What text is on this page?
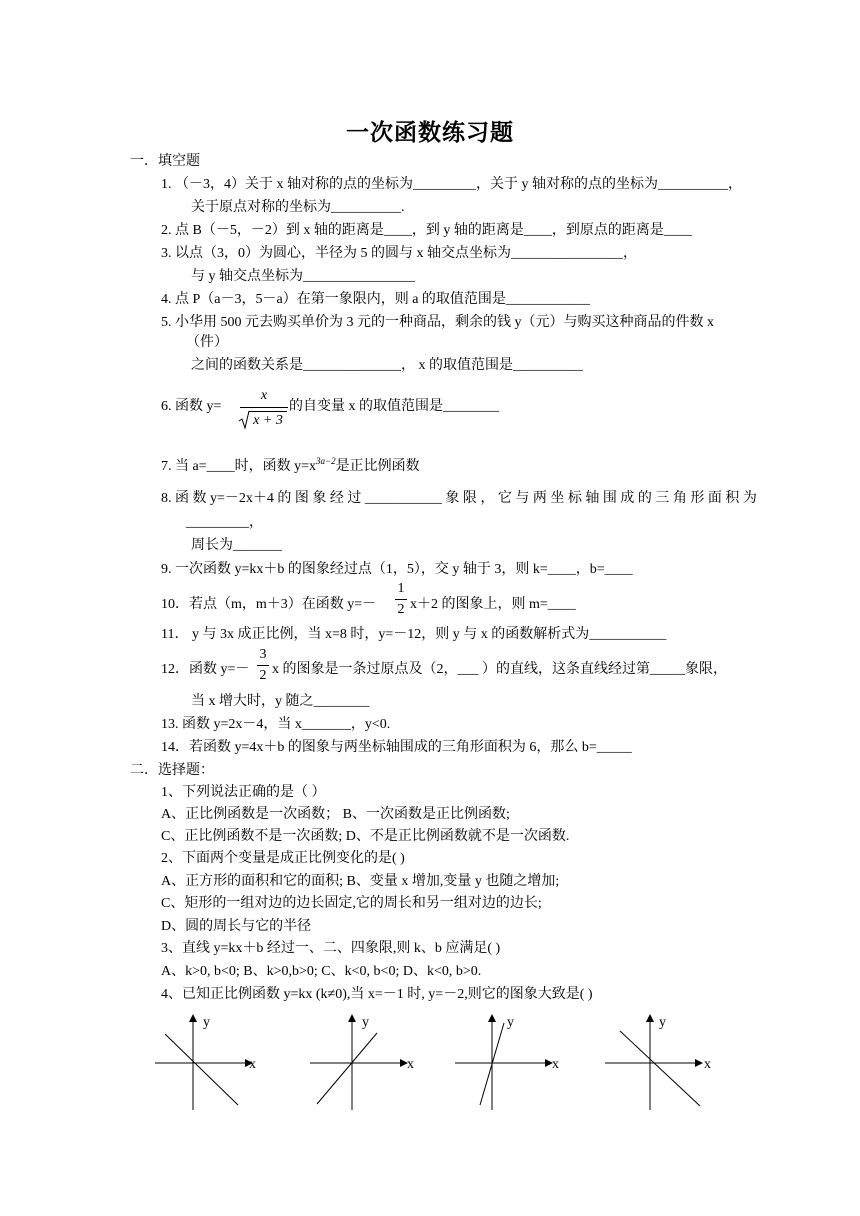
一次函数练习题
一．填空题
1. （－3，4）关于 x 轴对称的点的坐标为_________，关于 y 轴对称的点的坐标为__________，
关于原点对称的坐标为__________.
2. 点 B（－5，－2）到 x 轴的距离是____，到 y 轴的距离是____，到原点的距离是____
3. 以点（3，0）为圆心，半径为 5 的圆与 x 轴交点坐标为________________，
与 y 轴交点坐标为________________
4. 点 P（a－3，5－a）在第一象限内，则 a 的取值范围是____________
5. 小华用 500 元去购买单价为 3 元的一种商品，剩余的钱 y（元）与购买这种商品的件数 x
（件）
之间的函数关系是______________， x 的取值范围是__________
6. 函数 y=
x
x + 3
的自变量 x 的取值范围是________
7. 当 a=____时，函数 $y=x^{3a-2}$是正比例函数
8. 函 数 y=－2x＋4 的 图 象 经 过 ___________ 象 限 ， 它 与 两 坐 标 轴 围 成 的 三 角 形 面 积 为
_________，
周长为_______
9. 一次函数 y=kx＋b 的图象经过点（1，5），交 y 轴于 3，则 k=____，b=____
10．若点（m，m＋3）在函数 y=－
1
2 x＋2 的图象上，则 m=____
11． y 与 3x 成正比例，当 x=8 时，y=－12，则 y 与 x 的函数解析式为___________
12．函数 y=－
3
2 x 的图象是一条过原点及（2，___ ）的直线，这条直线经过第_____象限，
当 x 增大时，y 随之________
13. 函数 y=2x－4，当 x_______，y<0.
14．若函数 y=4x＋b 的图象与两坐标轴围成的三角形面积为 6，那么 b=_____
二．选择题：
1、下列说法正确的是（ ）
A、正比例函数是一次函数； B、一次函数是正比例函数;
C、正比例函数不是一次函数; D、不是正比例函数就不是一次函数.
2、下面两个变量是成正比例变化的是( )
A、正方形的面积和它的面积; B、变量 x 增加,变量 y 也随之增加;
C、矩形的一组对边的边长固定,它的周长和另一组对边的边长;
D、圆的周长与它的半径
3、直线 y=kx＋b 经过一、二、四象限,则 k、b 应满足( )
A、k>0, b<0; B、k>0,b>0; C、k<0, b<0; D、k<0, b>0.
4、已知正比例函数 y=kx (k≠0),当 x=－1 时, y=－2,则它的图象大致是( )
y
x
y
x
y
x
y
x
